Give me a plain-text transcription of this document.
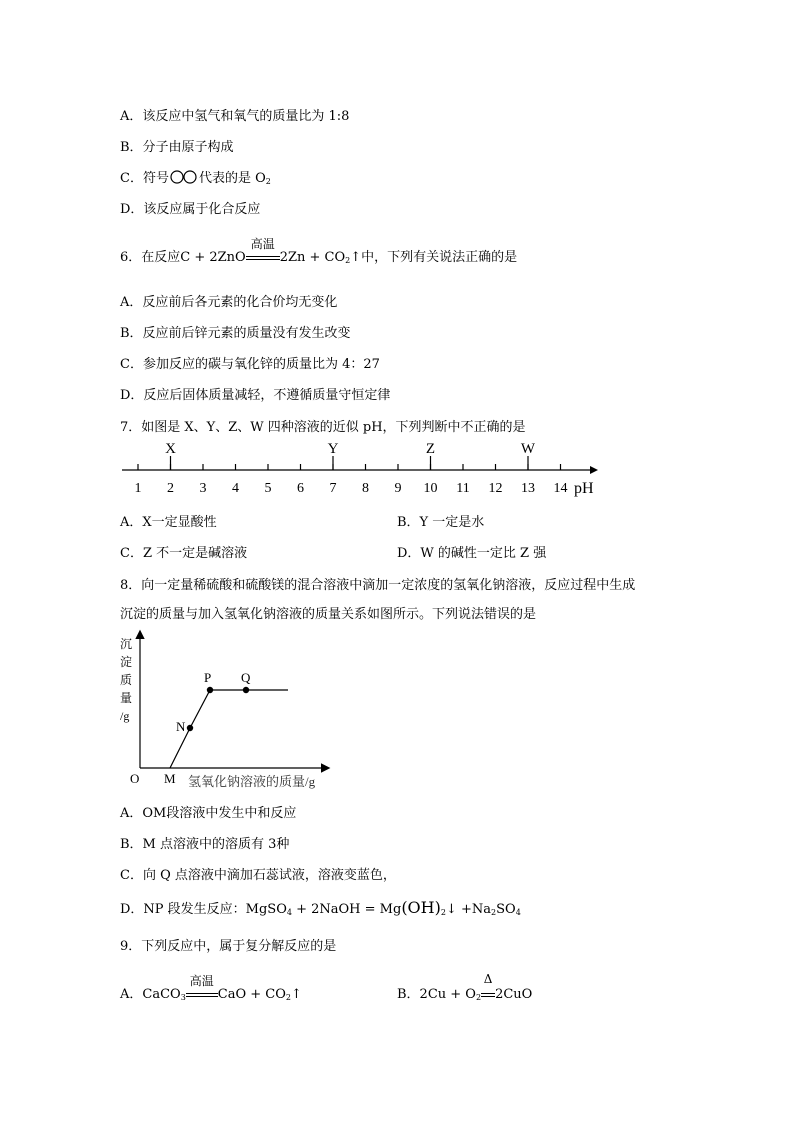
A．该反应中氢气和氧气的质量比为 1:8
B．分子由原子构成
C．符号 代表的是 $O_2$
D．该反应属于化合反应
6．在反应C + 2ZnO
高温
$2Zn + CO_2↑$中，下列有关说法正确的是
A．反应前后各元素的化合价均无变化
B．反应前后锌元素的质量没有发生改变
C．参加反应的碳与氧化锌的质量比为 4：27
D．反应后固体质量减轻，不遵循质量守恒定律
7．如图是 X、Y、Z、W 四种溶液的近似 pH，下列判断中不正确的是
1 2 3 4 5 6 7 8 9 10 11 12 13 14 pH
X	Y	Z	W
A．X一定显酸性	B．Y 一定是水
C．Z 不一定是碱溶液	D．W 的碱性一定比 Z 强
8．向一定量稀硫酸和硫酸镁的混合溶液中滴加一定浓度的氢氧化钠溶液，反应过程中生成
沉淀的质量与加入氢氧化钠溶液的质量关系如图所示。下列说法错误的是
N
P Q
O M 氢氧化钠溶液的质量/g
沉
淀
质
量
/g
A．OM段溶液中发生中和反应
B．M 点溶液中的溶质有 3种
C．向 Q 点溶液中滴加石蕊试液，溶液变蓝色，
D．NP 段发生反应：MgSO$_4$ + 2NaOH = $Mg(OH)_2↓ +Na_2SO_4$
9．下列反应中，属于复分解反应的是
A．CaCO$_3$
高温
CaO + $CO_2↑$	B．$2Cu + O_2$
Δ
2CuO
